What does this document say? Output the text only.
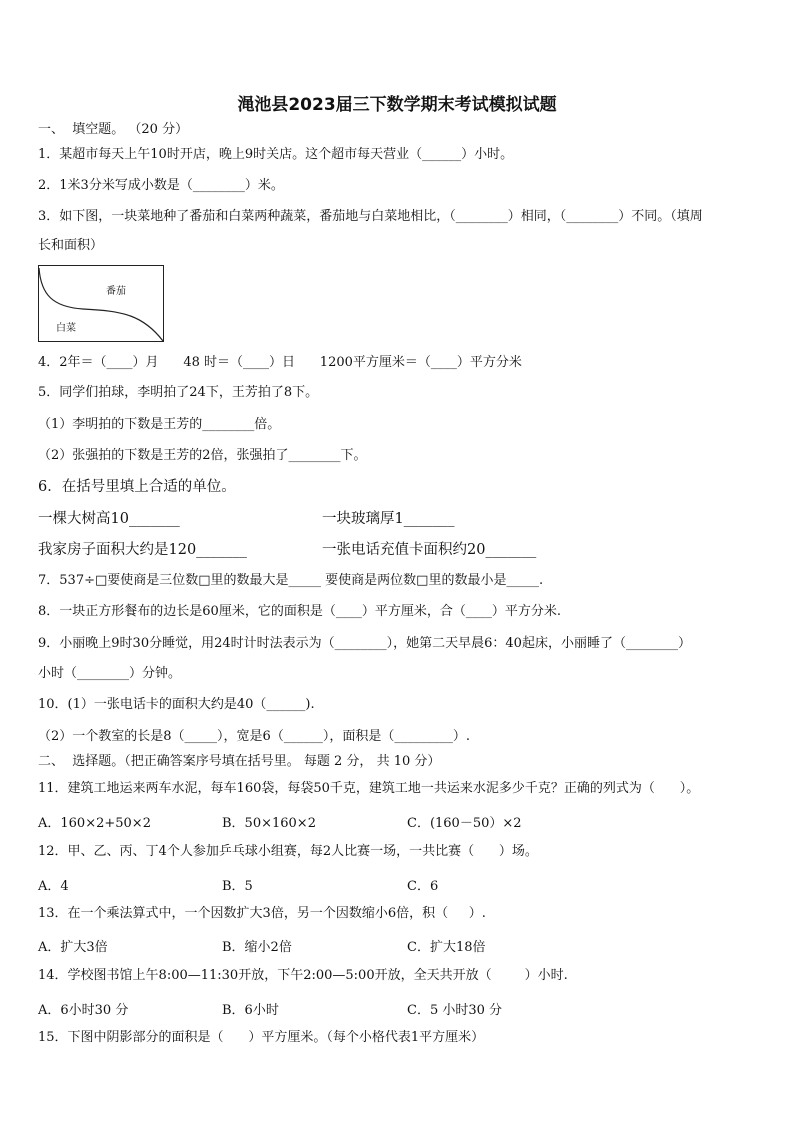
渑池县2023届三下数学期末考试模拟试题
一、  填空题。 （20 分）
1．某超市每天上午10时开店，晚上9时关店。这个超市每天营业（______）小时。
2．1米3分米写成小数是（________）米。
3．如下图，一块菜地种了番茄和白菜两种蔬菜，番茄地与白菜地相比，（________）相同，（________）不同。（填周
长和面积）
番茄
白菜
4．2年＝（____）月      48 时＝（____）日      1200平方厘米＝（____）平方分米
5．同学们拍球，李明拍了24下，王芳拍了8下。
（1）李明拍的下数是王芳的________倍。
（2）张强拍的下数是王芳的2倍，张强拍了________下。
6．在括号里填上合适的单位。
一棵大树高10_______	一块玻璃厚1_______
我家房子面积大约是120_______	一张电话充值卡面积约20_______
7．537÷□要使商是三位数□里的数最大是_____ 要使商是两位数□里的数最小是_____.
8．一块正方形餐布的边长是60厘米，它的面积是（____）平方厘米，合（____）平方分米.
9．小丽晚上9时30分睡觉，用24时计时法表示为（________），她第二天早晨6：40起床，小丽睡了（________）
小时（________）分钟。
10．(1）一张电话卡的面积大约是40（______).
（2）一个教室的长是8（_____），宽是6（______），面积是（_________）.
二、  选择题。（把正确答案序号填在括号里。 每题 2 分， 共 10 分）
11．建筑工地运来两车水泥，每车160袋，每袋50千克，建筑工地一共运来水泥多少千克？正确的列式为（      ）。
A．160×2+50×2	B．50×160×2	C．(160－50）×2
12．甲、乙、丙、丁4个人参加乒乓球小组赛，每2人比赛一场，一共比赛（      ）场。
A．4	B．5	C．6
13．在一个乘法算式中，一个因数扩大3倍，另一个因数缩小6倍，积（     ）.
A．扩大3倍	B．缩小2倍	C．扩大18倍
14．学校图书馆上午8:00—11:30开放，下午2:00—5:00开放，全天共开放（        ）小时.
A．6小时30 分	B．6小时	C．5 小时30 分
15．下图中阴影部分的面积是（      ）平方厘米。（每个小格代表1平方厘米）
